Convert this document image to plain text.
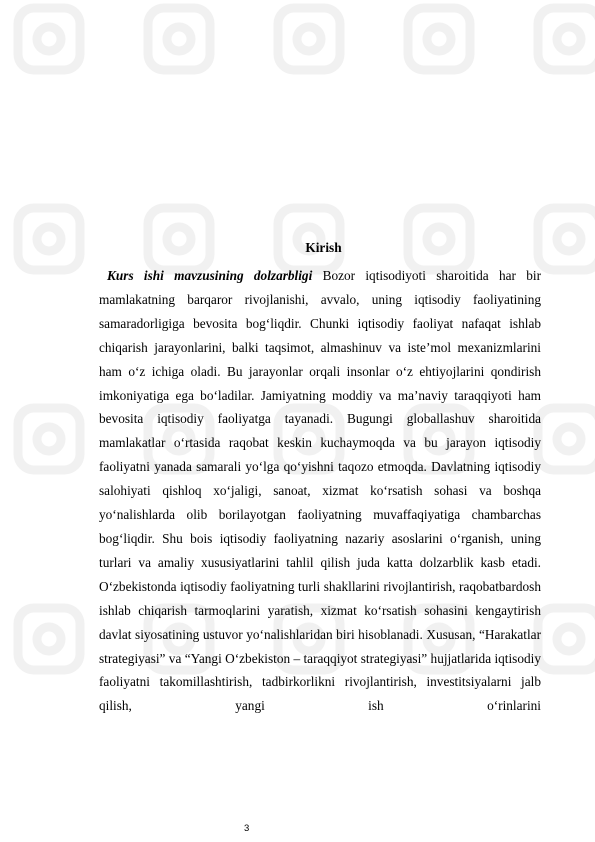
Kirish

Kurs ishi mavzusining dolzarbligi Bozor iqtisodiyoti sharoitida har bir mamlakatning barqaror rivojlanishi, avvalo, uning iqtisodiy faoliyatining samaradorligiga bevosita bog‘liqdir. Chunki iqtisodiy faoliyat nafaqat ishlab chiqarish jarayonlarini, balki taqsimot, almashinuv va iste’mol mexanizmlarini ham o‘z ichiga oladi. Bu jarayonlar orqali insonlar o‘z ehtiyojlarini qondirish imkoniyatiga ega bo‘ladilar. Jamiyatning moddiy va ma’naviy taraqqiyoti ham bevosita iqtisodiy faoliyatga tayanadi. Bugungi globallashuv sharoitida mamlakatlar o‘rtasida raqobat keskin kuchaymoqda va bu jarayon iqtisodiy faoliyatni yanada samarali yo‘lga qo‘yishni taqozo etmoqda. Davlatning iqtisodiy salohiyati qishloq xo‘jaligi, sanoat, xizmat ko‘rsatish sohasi va boshqa yo‘nalishlarda olib borilayotgan faoliyatning muvaffaqiyatiga chambarchas bog‘liqdir. Shu bois iqtisodiy faoliyatning nazariy asoslarini o‘rganish, uning turlari va amaliy xususiyatlarini tahlil qilish juda katta dolzarblik kasb etadi. O‘zbekistonda iqtisodiy faoliyatning turli shakllarini rivojlantirish, raqobatbardosh ishlab chiqarish tarmoqlarini yaratish, xizmat ko‘rsatish sohasini kengaytirish davlat siyosatining ustuvor yo‘nalishlaridan biri hisoblanadi. Xususan, “Harakatlar strategiyasi” va “Yangi O‘zbekiston – taraqqiyot strategiyasi” hujjatlarida iqtisodiy faoliyatni takomillashtirish, tadbirkorlikni rivojlantirish, investitsiyalarni jalb qilish, yangi ish o‘rinlarini

3
